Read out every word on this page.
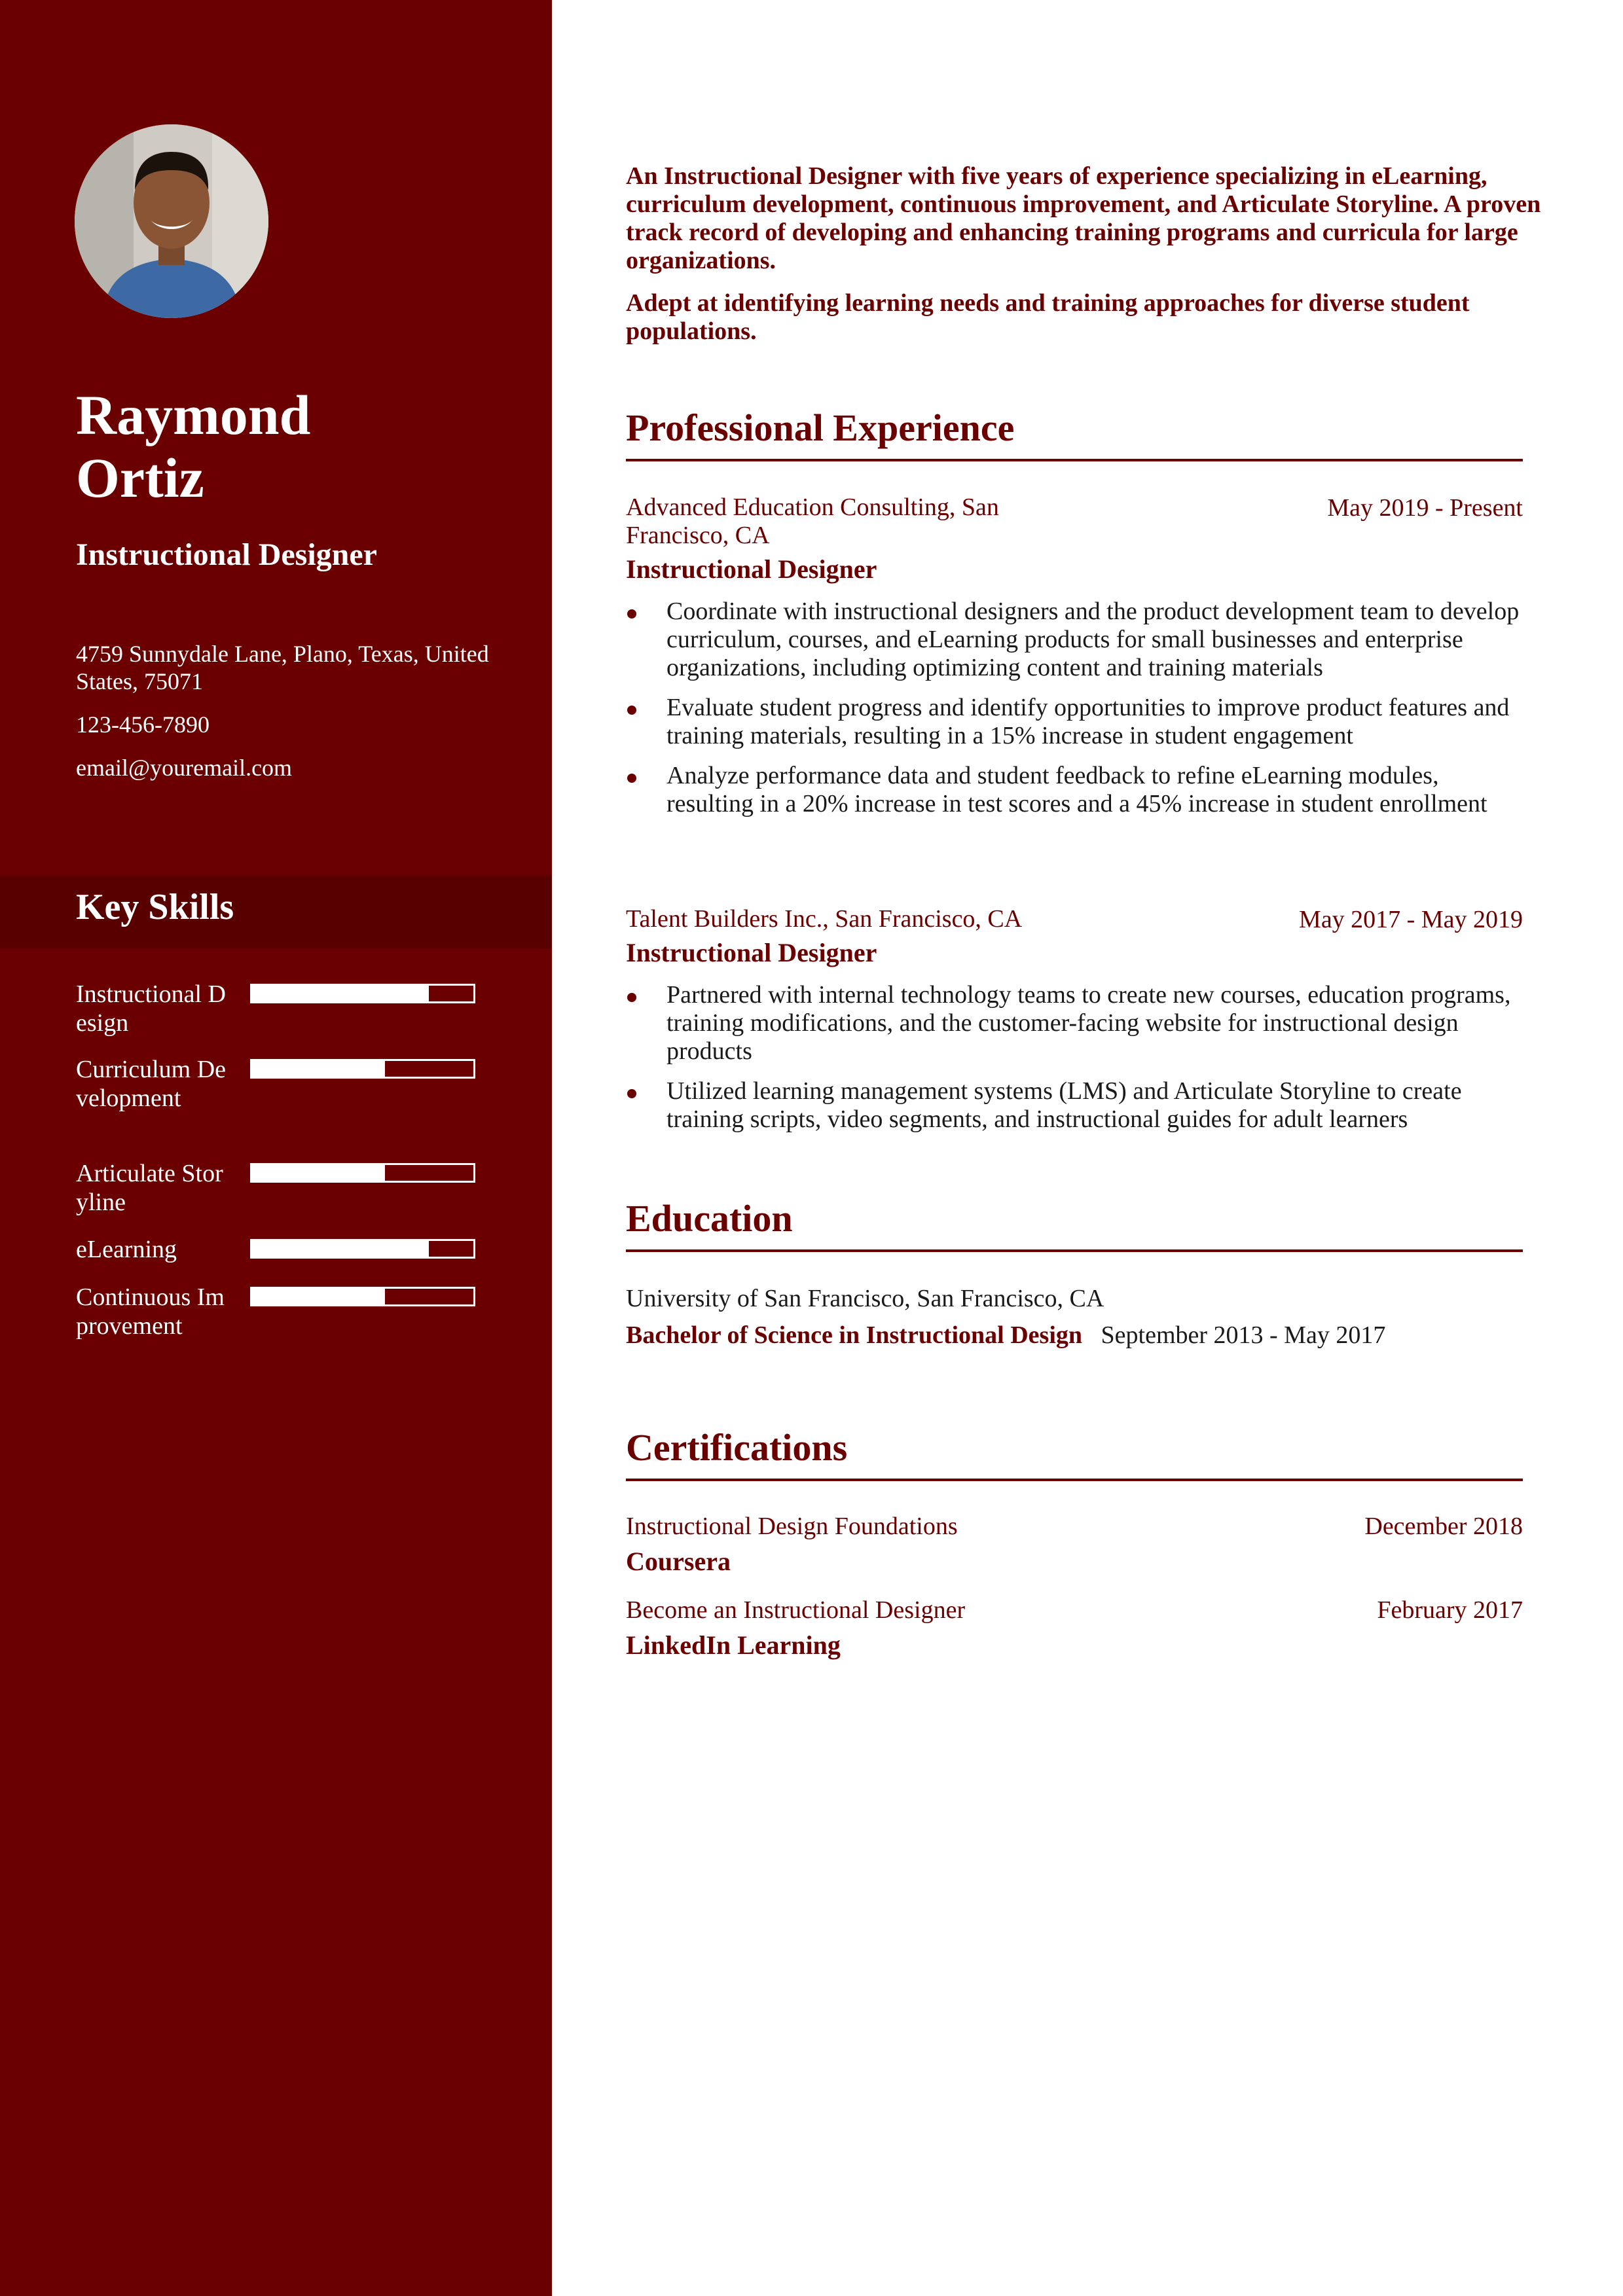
Raymond
Ortiz
Instructional Designer
4759 Sunnydale Lane, Plano, Texas, United States, 75071
123-456-7890
email@youremail.com
Key Skills
Instructional Design
Curriculum Development
Articulate Storyline
eLearning
Continuous Improvement

An Instructional Designer with five years of experience specializing in eLearning, curriculum development, continuous improvement, and Articulate Storyline. A proven track record of developing and enhancing training programs and curricula for large organizations.

Adept at identifying learning needs and training approaches for diverse student populations.

Professional Experience
Advanced Education Consulting, San Francisco, CA
May 2019 - Present
Instructional Designer
Coordinate with instructional designers and the product development team to develop curriculum, courses, and eLearning products for small businesses and enterprise organizations, including optimizing content and training materials
Evaluate student progress and identify opportunities to improve product features and training materials, resulting in a 15% increase in student engagement
Analyze performance data and student feedback to refine eLearning modules, resulting in a 20% increase in test scores and a 45% increase in student enrollment
Talent Builders Inc., San Francisco, CA	May 2017 - May 2019
Instructional Designer
Partnered with internal technology teams to create new courses, education programs, training modifications, and the customer-facing website for instructional design products
Utilized learning management systems (LMS) and Articulate Storyline to create training scripts, video segments, and instructional guides for adult learners
Education
University of San Francisco, San Francisco, CA
Bachelor of Science in Instructional Design September 2013 - May 2017
Certifications
Instructional Design Foundations	December 2018
Coursera
Become an Instructional Designer	February 2017
LinkedIn Learning
